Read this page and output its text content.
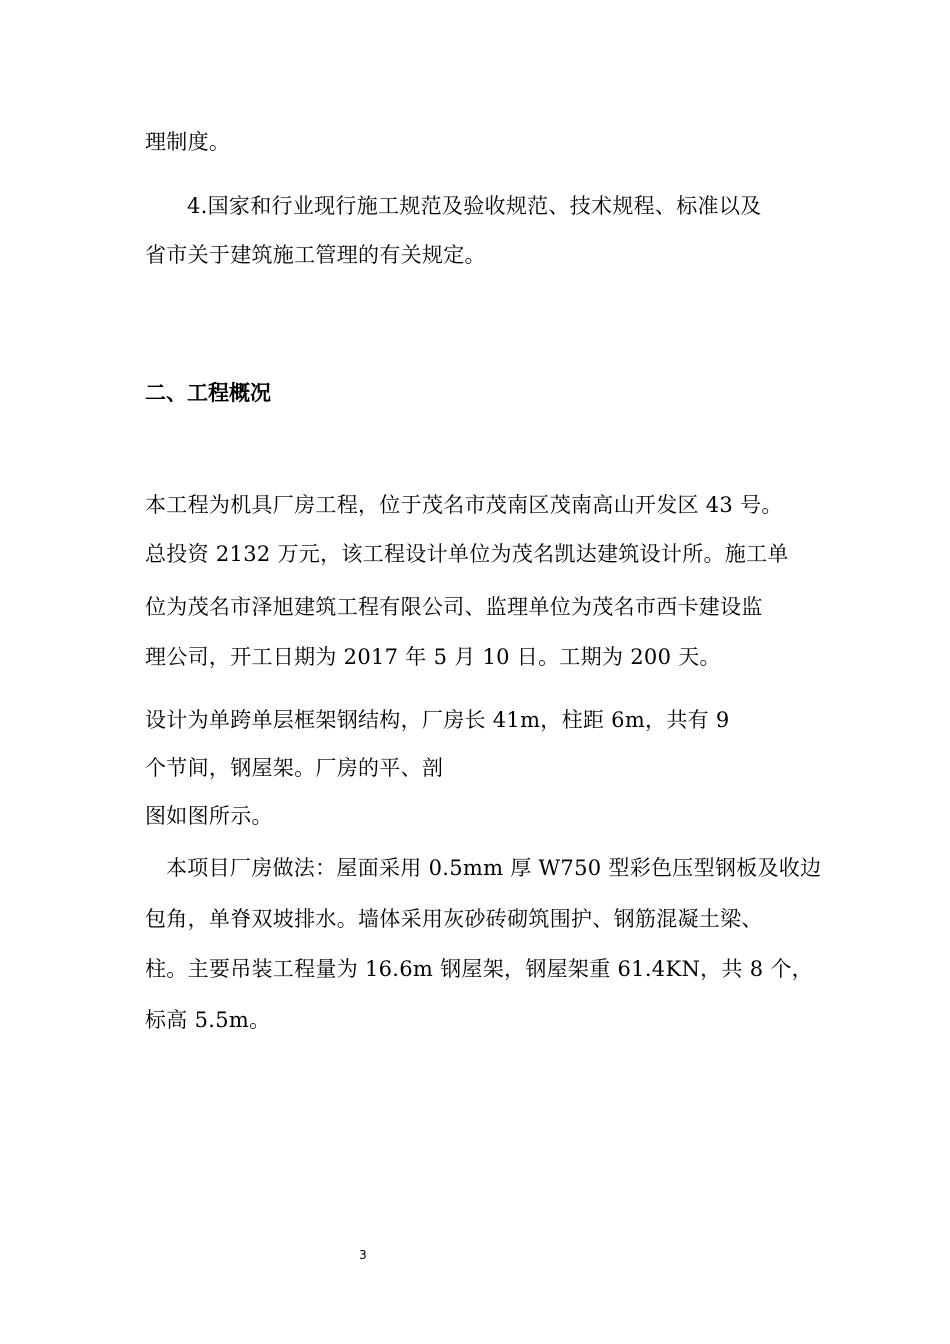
理制度。
4.国家和行业现行施工规范及验收规范、技术规程、标准以及
省市关于建筑施工管理的有关规定。
二、工程概况
本工程为机具厂房工程，位于茂名市茂南区茂南高山开发区 43 号。
总投资 2132 万元，该工程设计单位为茂名凯达建筑设计所。施工单
位为茂名市泽旭建筑工程有限公司、监理单位为茂名市西卡建设监
理公司，开工日期为 2017 年 5 月 10 日。工期为 200 天。
设计为单跨单层框架钢结构，厂房长 41m，柱距 6m，共有 9
个节间，钢屋架。厂房的平、剖
图如图所示。
本项目厂房做法：屋面采用 0.5mm 厚 W750 型彩色压型钢板及收边
包角，单脊双坡排水。墙体采用灰砂砖砌筑围护、钢筋混凝土梁、
柱。主要吊装工程量为 16.6m 钢屋架，钢屋架重 61.4KN，共 8 个，
标高 5.5m。
3
